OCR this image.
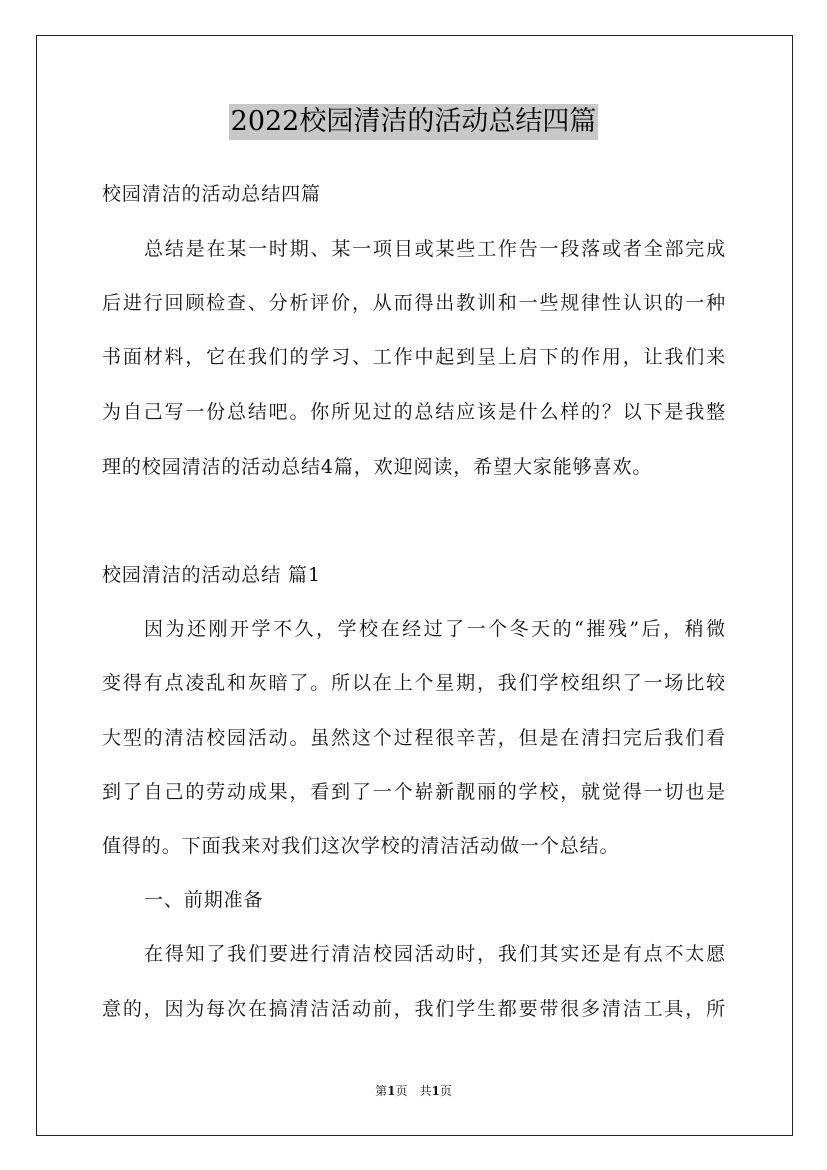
2022校园清洁的活动总结四篇
校园清洁的活动总结四篇
总结是在某一时期、某一项目或某些工作告一段落或者全部完成
后进行回顾检查、分析评价，从而得出教训和一些规律性认识的一种
书面材料，它在我们的学习、工作中起到呈上启下的作用，让我们来
为自己写一份总结吧。你所见过的总结应该是什么样的？以下是我整
理的校园清洁的活动总结4篇，欢迎阅读，希望大家能够喜欢。
校园清洁的活动总结 篇1
因为还刚开学不久，学校在经过了一个冬天的“摧残”后，稍微
变得有点凌乱和灰暗了。所以在上个星期，我们学校组织了一场比较
大型的清洁校园活动。虽然这个过程很辛苦，但是在清扫完后我们看
到了自己的劳动成果，看到了一个崭新靓丽的学校，就觉得一切也是
值得的。下面我来对我们这次学校的清洁活动做一个总结。
一、前期准备
在得知了我们要进行清洁校园活动时，我们其实还是有点不太愿
意的，因为每次在搞清洁活动前，我们学生都要带很多清洁工具，所
第1页　共1页
